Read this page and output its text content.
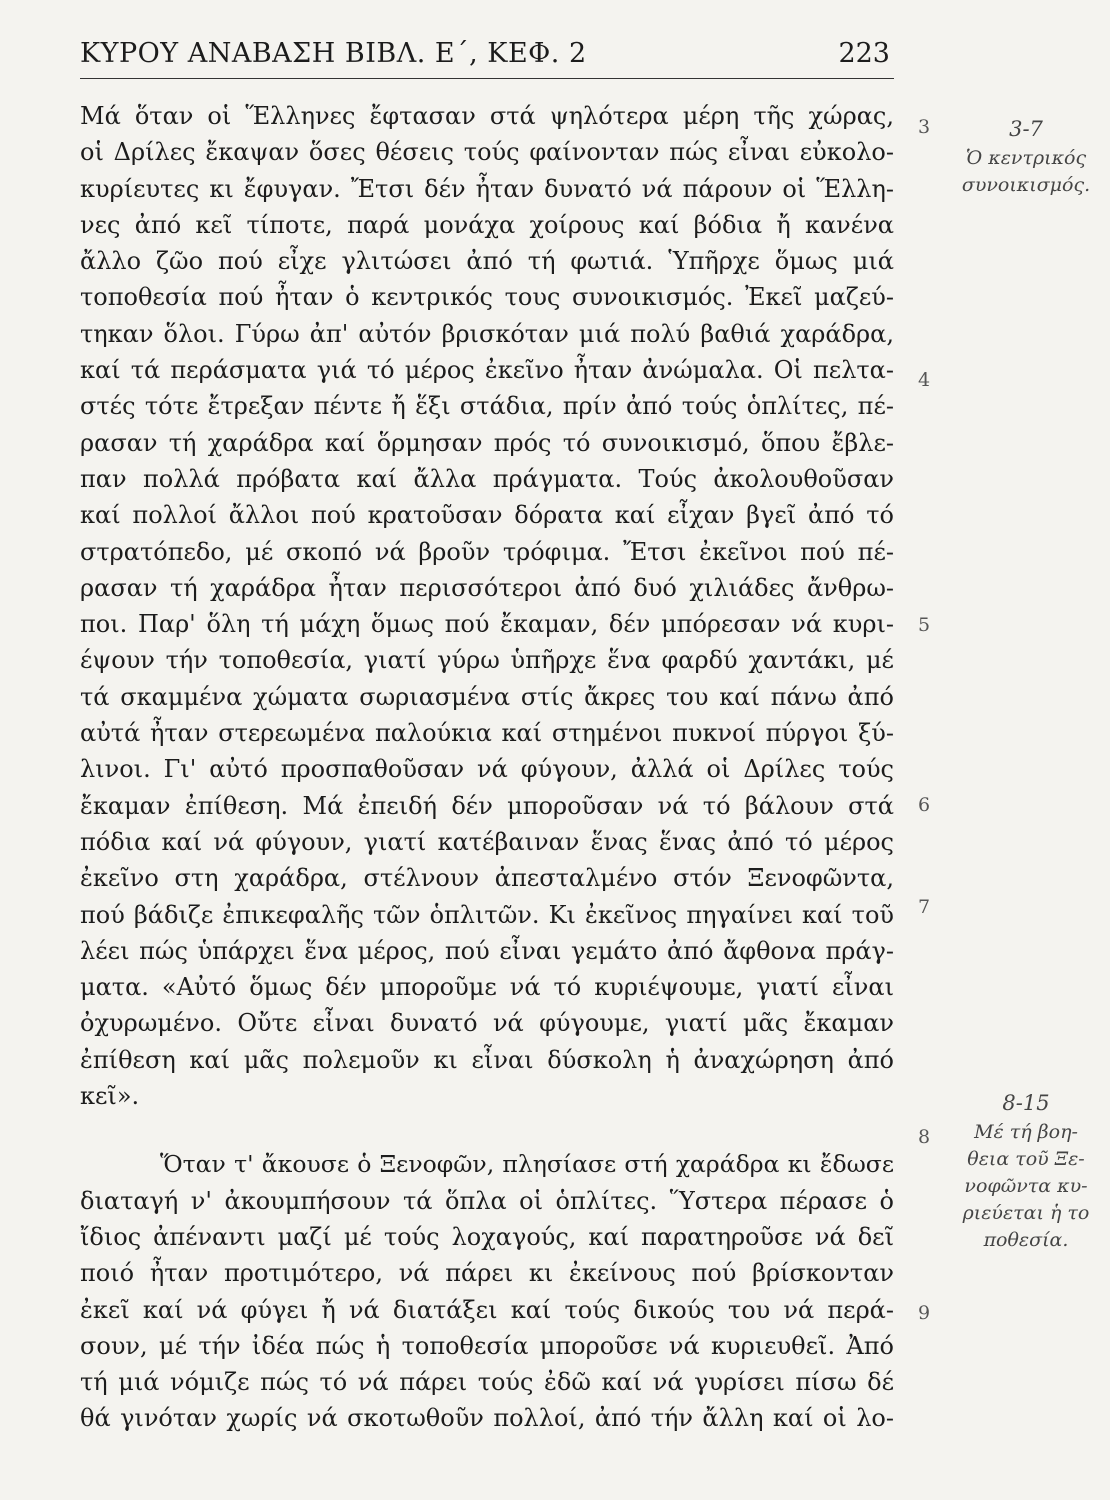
ΚΥΡΟΥ ΑΝΑΒΑΣΗ ΒΙΒΛ. Ε΄, ΚΕΦ. 2	223
Μά ὅταν οἱ Ἕλληνες ἔφτασαν στά ψηλότερα μέρη τῆς χώρας,
οἱ Δρίλες ἔκαψαν ὅσες θέσεις τούς φαίνονταν πώς εἶναι εὐκολο-
κυρίευτες κι ἔφυγαν. Ἔτσι δέν ἦταν δυνατό νά πάρουν οἱ Ἕλλη-
νες ἀπό κεῖ τίποτε, παρά μονάχα χοίρους καί βόδια ἤ κανένα
ἄλλο ζῶο πού εἶχε γλιτώσει ἀπό τή φωτιά. Ὑπῆρχε ὅμως μιά
τοποθεσία πού ἦταν ὁ κεντρικός τους συνοικισμός. Ἐκεῖ μαζεύ-
τηκαν ὅλοι. Γύρω ἀπ' αὐτόν βρισκόταν μιά πολύ βαθιά χαράδρα,
καί τά περάσματα γιά τό μέρος ἐκεῖνο ἦταν ἀνώμαλα. Οἱ πελτα-
στές τότε ἔτρεξαν πέντε ἤ ἕξι στάδια, πρίν ἀπό τούς ὁπλίτες, πέ-
ρασαν τή χαράδρα καί ὅρμησαν πρός τό συνοικισμό, ὅπου ἔβλε-
παν πολλά πρόβατα καί ἄλλα πράγματα. Τούς ἀκολουθοῦσαν
καί πολλοί ἄλλοι πού κρατοῦσαν δόρατα καί εἶχαν βγεῖ ἀπό τό
στρατόπεδο, μέ σκοπό νά βροῦν τρόφιμα. Ἔτσι ἐκεῖνοι πού πέ-
ρασαν τή χαράδρα ἦταν περισσότεροι ἀπό δυό χιλιάδες ἄνθρω-
ποι. Παρ' ὅλη τή μάχη ὅμως πού ἔκαμαν, δέν μπόρεσαν νά κυρι-
έψουν τήν τοποθεσία, γιατί γύρω ὑπῆρχε ἕνα φαρδύ χαντάκι, μέ
τά σκαμμένα χώματα σωριασμένα στίς ἄκρες του καί πάνω ἀπό
αὐτά ἦταν στερεωμένα παλούκια καί στημένοι πυκνοί πύργοι ξύ-
λινοι. Γι' αὐτό προσπαθοῦσαν νά φύγουν, ἀλλά οἱ Δρίλες τούς
ἔκαμαν ἐπίθεση. Μά ἐπειδή δέν μποροῦσαν νά τό βάλουν στά
πόδια καί νά φύγουν, γιατί κατέβαιναν ἕνας ἕνας ἀπό τό μέρος
ἐκεῖνο στη χαράδρα, στέλνουν ἀπεσταλμένο στόν Ξενοφῶντα,
πού βάδιζε ἐπικεφαλῆς τῶν ὁπλιτῶν. Κι ἐκεῖνος πηγαίνει καί τοῦ
λέει πώς ὑπάρχει ἕνα μέρος, πού εἶναι γεμάτο ἀπό ἄφθονα πράγ-
ματα. «Αὐτό ὅμως δέν μποροῦμε νά τό κυριέψουμε, γιατί εἶναι
ὀχυρωμένο. Οὔτε εἶναι δυνατό νά φύγουμε, γιατί μᾶς ἔκαμαν
ἐπίθεση καί μᾶς πολεμοῦν κι εἶναι δύσκολη ἡ ἀναχώρηση ἀπό
κεῖ».
Ὅταν τ' ἄκουσε ὁ Ξενοφῶν, πλησίασε στή χαράδρα κι ἔδωσε
διαταγή ν' ἀκουμπήσουν τά ὅπλα οἱ ὁπλίτες. Ὕστερα πέρασε ὁ
ἴδιος ἀπέναντι μαζί μέ τούς λοχαγούς, καί παρατηροῦσε νά δεῖ
ποιό ἦταν προτιμότερο, νά πάρει κι ἐκείνους πού βρίσκονταν
ἐκεῖ καί νά φύγει ἤ νά διατάξει καί τούς δικούς του νά περά-
σουν, μέ τήν ἰδέα πώς ἡ τοποθεσία μποροῦσε νά κυριευθεῖ. Ἀπό
τή μιά νόμιζε πώς τό νά πάρει τούς ἐδῶ καί νά γυρίσει πίσω δέ
θά γινόταν χωρίς νά σκοτωθοῦν πολλοί, ἀπό τήν ἄλλη καί οἱ λο-
3
4
5
6
7
8
9
3-7
Ὁ κεντρικός
συνοικισμός.
8-15
Μέ τή βοη-
θεια τοῦ Ξε-
νοφῶντα κυ-
ριεύεται ἡ το
ποθεσία.
